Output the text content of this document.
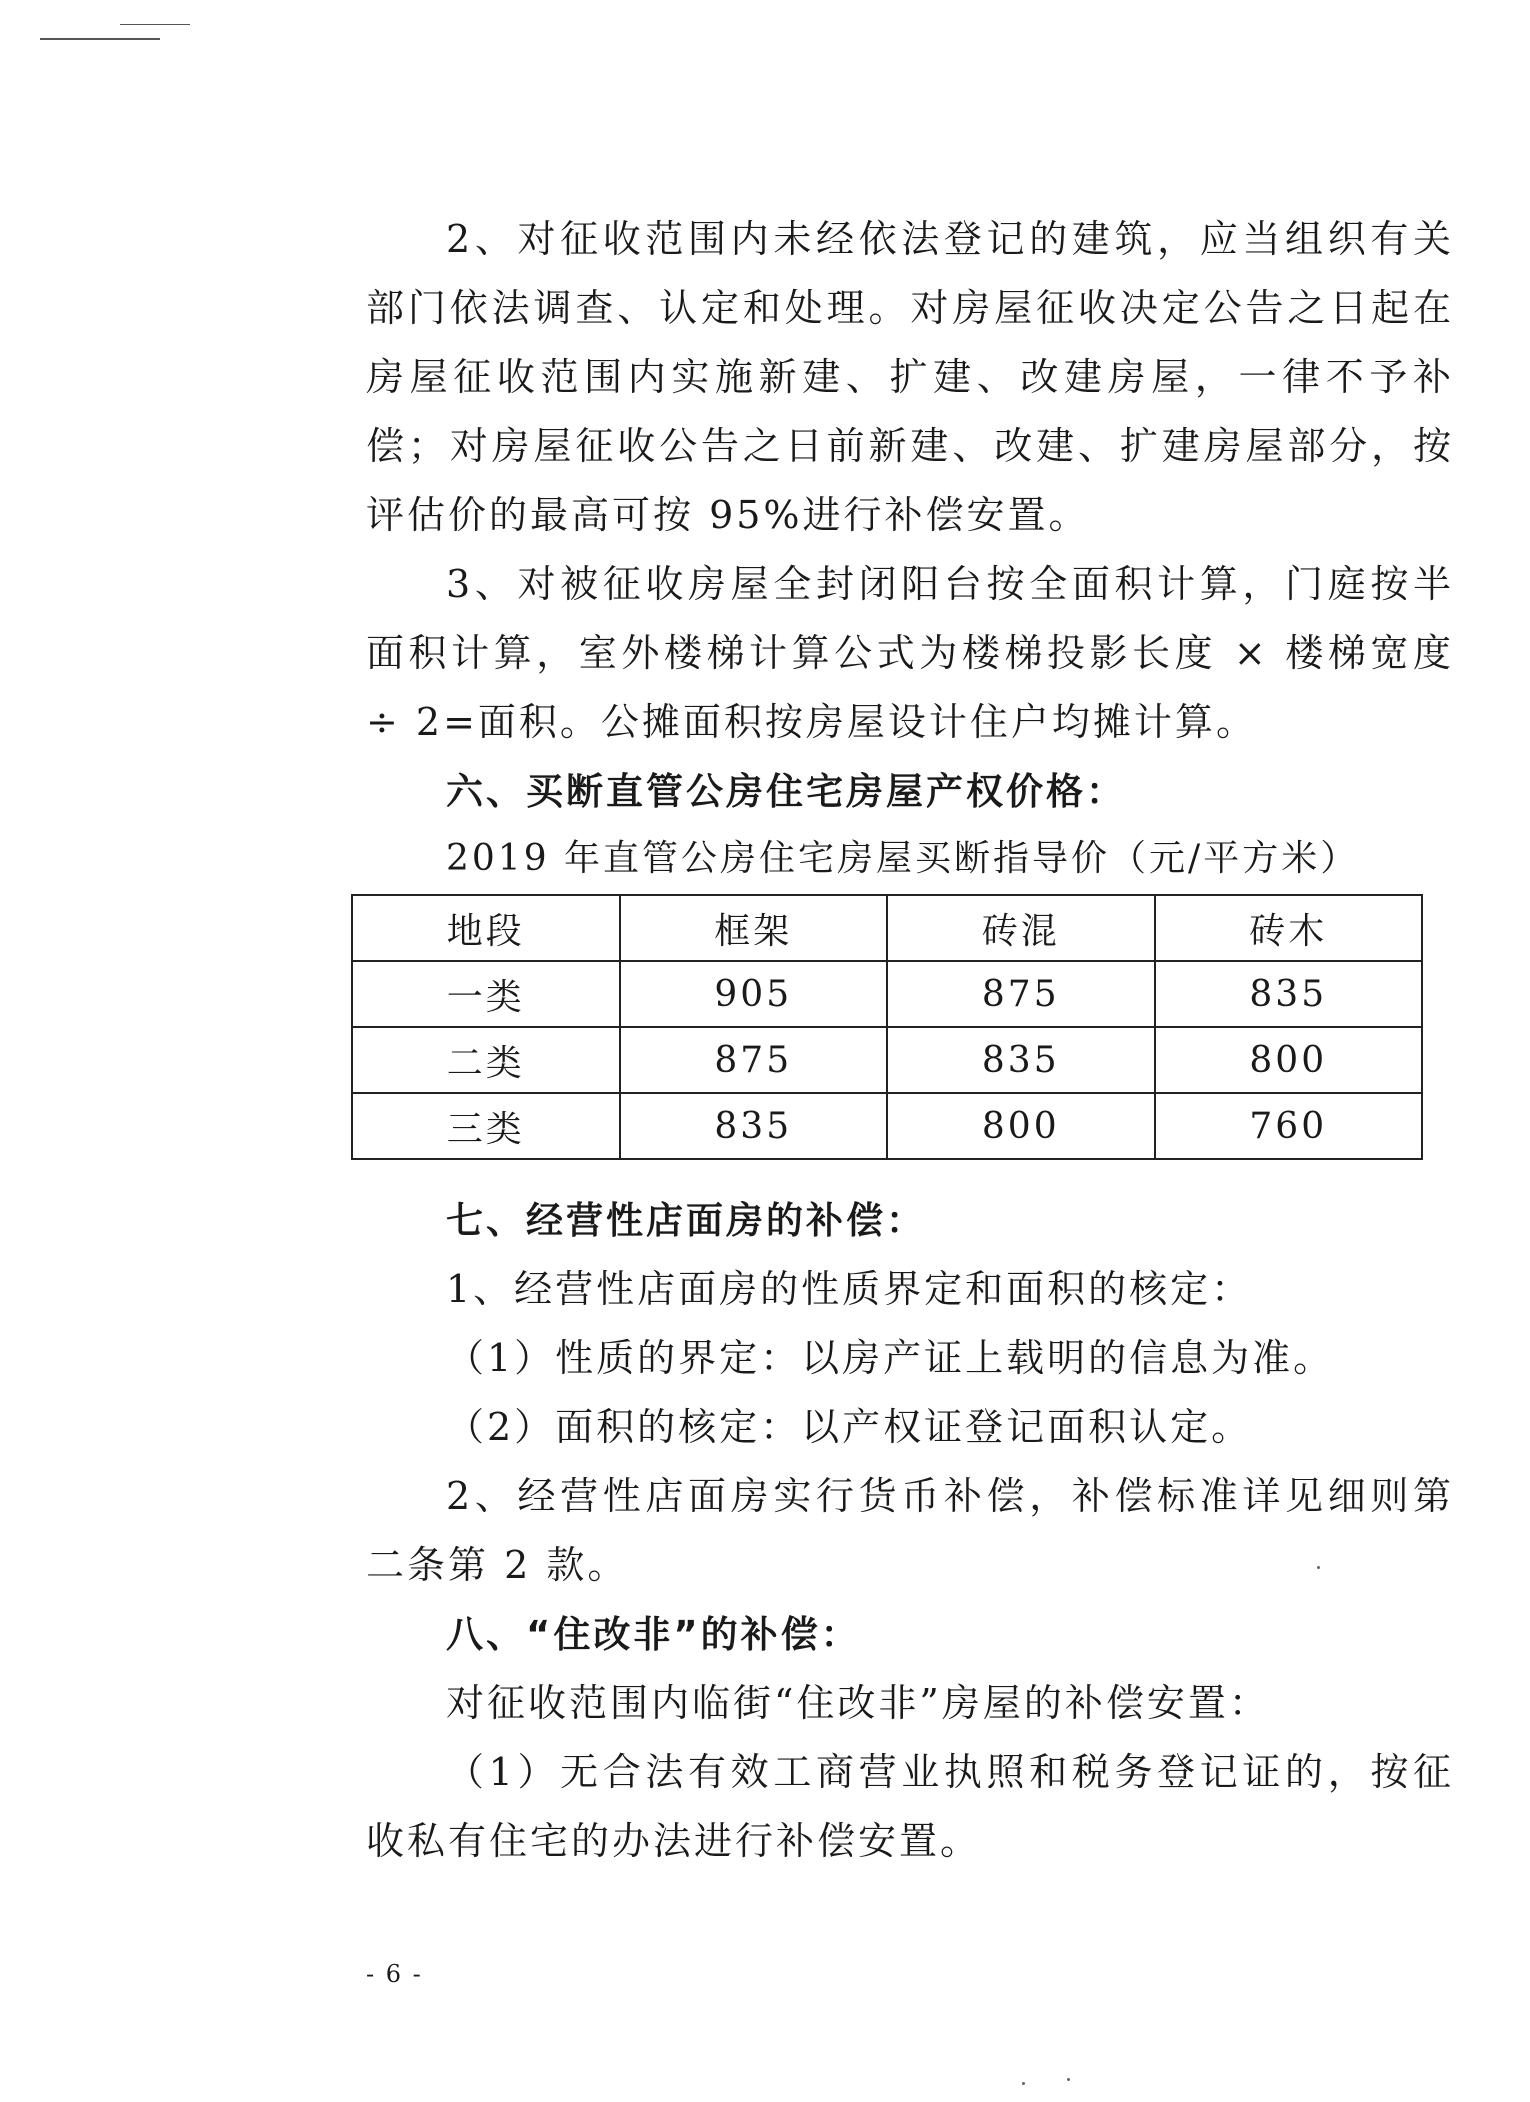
2、对征收范围内未经依法登记的建筑，应当组织有关部门依法调查、认定和处理。对房屋征收决定公告之日起在房屋征收范围内实施新建、扩建、改建房屋，一律不予补偿；对房屋征收公告之日前新建、改建、扩建房屋部分，按评估价的最高可按 95%进行补偿安置。

3、对被征收房屋全封闭阳台按全面积计算，门庭按半面积计算，室外楼梯计算公式为楼梯投影长度 × 楼梯宽度 ÷ 2=面积。公摊面积按房屋设计住户均摊计算。

六、买断直管公房住宅房屋产权价格：

2019 年直管公房住宅房屋买断指导价（元/平方米）

地段	框架	砖混	砖木
一类	905	875	835
二类	875	835	800
三类	835	800	760

七、经营性店面房的补偿：

1、经营性店面房的性质界定和面积的核定：

（1）性质的界定：以房产证上载明的信息为准。

（2）面积的核定：以产权证登记面积认定。

2、经营性店面房实行货币补偿，补偿标准详见细则第二条第 2 款。

八、“住改非”的补偿：

对征收范围内临街“住改非”房屋的补偿安置：

（1）无合法有效工商营业执照和税务登记证的，按征收私有住宅的办法进行补偿安置。

- 6 -
